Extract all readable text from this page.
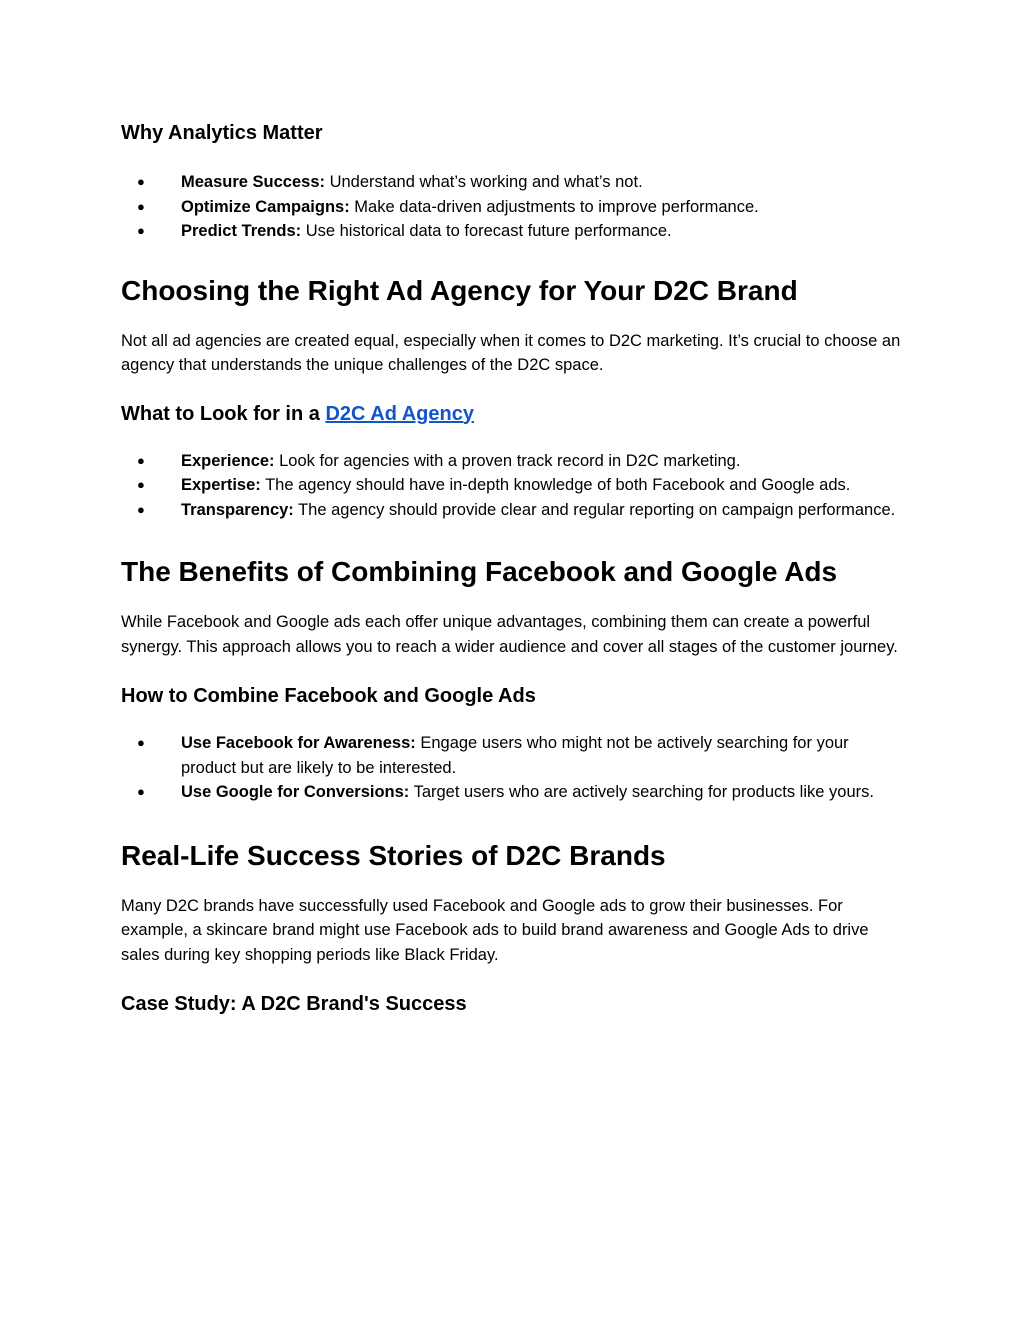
Why Analytics Matter
● Measure Success: Understand what’s working and what’s not.
● Optimize Campaigns: Make data-driven adjustments to improve performance.
● Predict Trends: Use historical data to forecast future performance.
Choosing the Right Ad Agency for Your D2C Brand

Not all ad agencies are created equal, especially when it comes to D2C marketing. It’s crucial to choose an agency that understands the unique challenges of the D2C space.

What to Look for in a D2C Ad Agency
● Experience: Look for agencies with a proven track record in D2C marketing.
● Expertise: The agency should have in-depth knowledge of both Facebook and Google ads.
● Transparency: The agency should provide clear and regular reporting on campaign performance.
The Benefits of Combining Facebook and Google Ads

While Facebook and Google ads each offer unique advantages, combining them can create a powerful synergy. This approach allows you to reach a wider audience and cover all stages of the customer journey.

How to Combine Facebook and Google Ads
● Use Facebook for Awareness: Engage users who might not be actively searching for your product but are likely to be interested.
● Use Google for Conversions: Target users who are actively searching for products like yours.
Real-Life Success Stories of D2C Brands

Many D2C brands have successfully used Facebook and Google ads to grow their businesses. For example, a skincare brand might use Facebook ads to build brand awareness and Google Ads to drive sales during key shopping periods like Black Friday.

Case Study: A D2C Brand's Success
